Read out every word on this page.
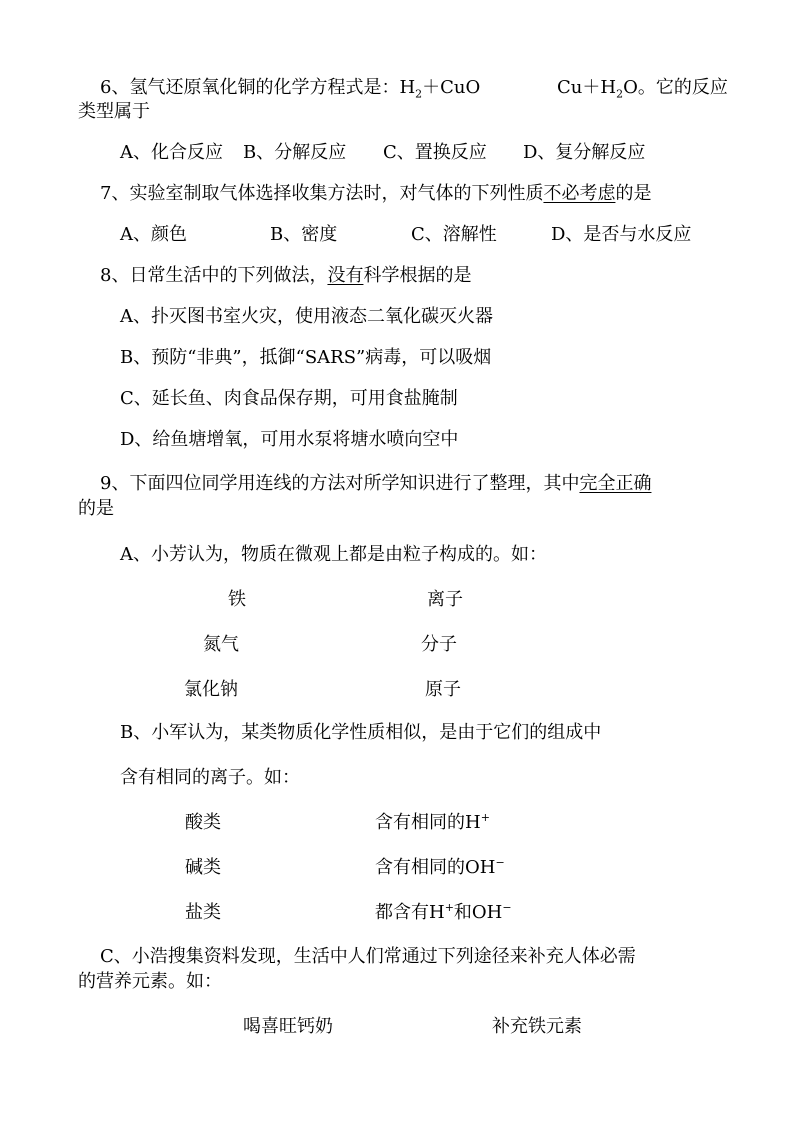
6、氢气还原氧化铜的化学方程式是：$H_2+CuO$	$Cu+H_2O$。它的反应
类型属于
A、化合反应 B、分解反应 C、置换反应 D、复分解反应
7、实验室制取气体选择收集方法时，对气体的下列性质不必考虑的是
A、颜色	B、密度	C、溶解性	D、是否与水反应
8、日常生活中的下列做法，没有科学根据的是
A、扑灭图书室火灾，使用液态二氧化碳灭火器
B、预防“非典”，抵御“SARS”病毒，可以吸烟
C、延长鱼、肉食品保存期，可用食盐腌制
D、给鱼塘增氧，可用水泵将塘水喷向空中
9、下面四位同学用连线的方法对所学知识进行了整理，其中完全正确
的是
A、小芳认为，物质在微观上都是由粒子构成的。如：
铁	离子
氮气	分子
氯化钠	原子
B、小军认为，某类物质化学性质相似，是由于它们的组成中
含有相同的离子。如：
酸类	含有相同的H+
碱类	含有相同的OH−
盐类	都含有H+和OH−
C、小浩搜集资料发现，生活中人们常通过下列途径来补充人体必需
的营养元素。如：
喝喜旺钙奶	补充铁元素
